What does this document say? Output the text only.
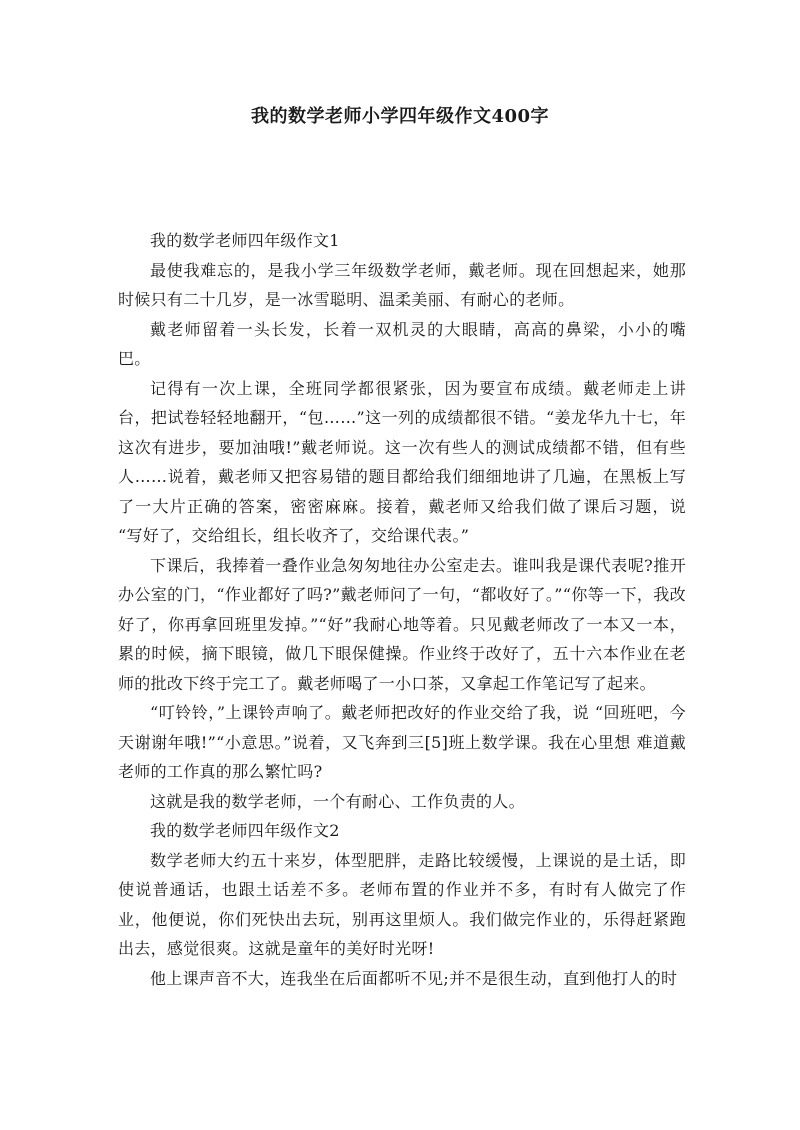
我的数学老师小学四年级作文400字

我的数学老师四年级作文1

最使我难忘的，是我小学三年级数学老师，戴老师。现在回想起来，她那时候只有二十几岁，是一冰雪聪明、温柔美丽、有耐心的老师。

戴老师留着一头长发，长着一双机灵的大眼睛，高高的鼻梁，小小的嘴巴。

记得有一次上课，全班同学都很紧张，因为要宣布成绩。戴老师走上讲台，把试卷轻轻地翻开，“包……”这一列的成绩都很不错。“姜龙华九十七，年这次有进步，要加油哦!”戴老师说。这一次有些人的测试成绩都不错，但有些人……说着，戴老师又把容易错的题目都给我们细细地讲了几遍，在黑板上写了一大片正确的答案，密密麻麻。接着，戴老师又给我们做了课后习题，说 “写好了，交给组长，组长收齐了，交给课代表。”

下课后，我捧着一叠作业急匆匆地往办公室走去。谁叫我是课代表呢?推开办公室的门，“作业都好了吗?”戴老师问了一句，“都收好了。”“你等一下，我改好了，你再拿回班里发掉。”“好”我耐心地等着。只见戴老师改了一本又一本，累的时候，摘下眼镜，做几下眼保健操。作业终于改好了，五十六本作业在老师的批改下终于完工了。戴老师喝了一小口茶，又拿起工作笔记写了起来。

“叮铃铃，”上课铃声响了。戴老师把改好的作业交给了我，说 “回班吧，今天谢谢年哦!”“小意思。”说着，又飞奔到三[5]班上数学课。我在心里想 难道戴老师的工作真的那么繁忙吗?

这就是我的数学老师，一个有耐心、工作负责的人。

我的数学老师四年级作文2

数学老师大约五十来岁，体型肥胖，走路比较缓慢，上课说的是土话，即使说普通话，也跟土话差不多。老师布置的作业并不多，有时有人做完了作业，他便说，你们死快出去玩，别再这里烦人。我们做完作业的，乐得赶紧跑出去，感觉很爽。这就是童年的美好时光呀!

他上课声音不大，连我坐在后面都听不见;并不是很生动，直到他打人的时
